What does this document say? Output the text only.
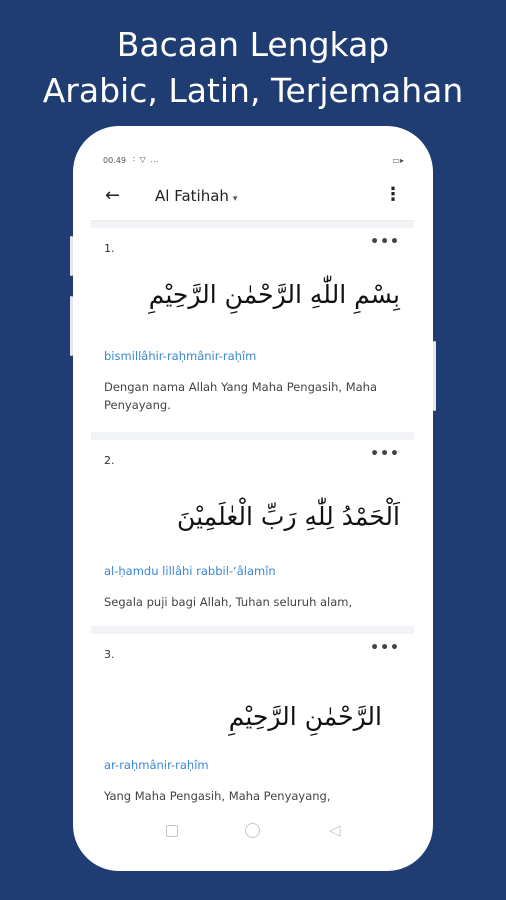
Bacaan Lengkap
Arabic, Latin, Terjemahan
00.49 ∶ ▽ …	▭▸
← Al Fatihah ▾	⋮
1.	•••
بِسْمِ اللّٰهِ الرَّحْمٰنِ الرَّحِيْمِ
bismillâhir-raḥmânir-raḥîm
Dengan nama Allah Yang Maha Pengasih, Maha Penyayang.
2.	•••
اَلْحَمْدُ لِلّٰهِ رَبِّ الْعٰلَمِيْنَ
al-ḥamdu lillâhi rabbil-‘âlamîn
Segala puji bagi Allah, Tuhan seluruh alam,
3.	•••
الرَّحْمٰنِ الرَّحِيْمِ
ar-raḥmânir-raḥîm
Yang Maha Pengasih, Maha Penyayang,
◁
